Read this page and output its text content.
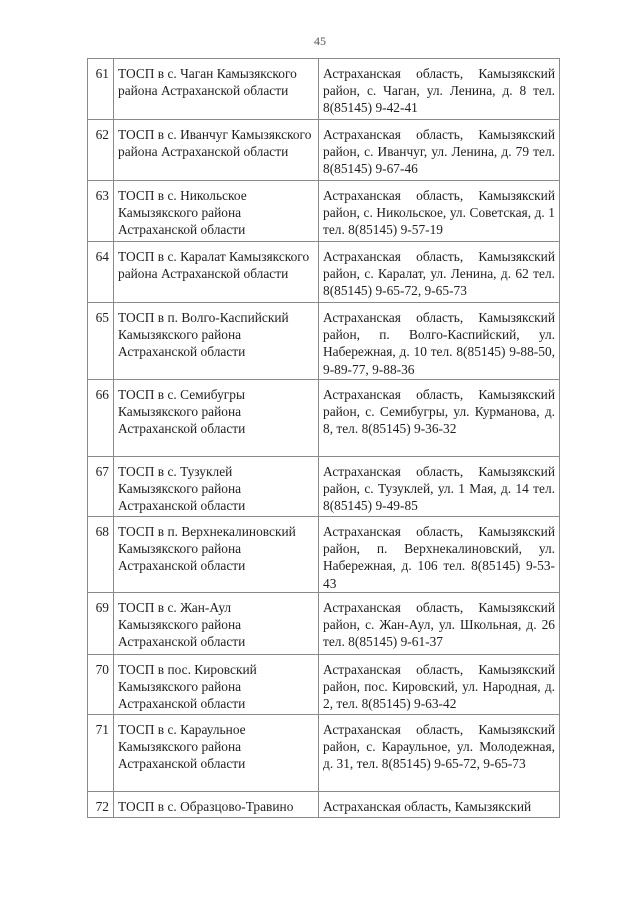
45
61	ТОСП в с. Чаган Камызякского района Астраханской области	Астраханская область, Камызякский район, с. Чаган, ул. Ленина, д. 8 тел. 8(85145) 9-42-41
62	ТОСП в с. Иванчуг Камызякского района Астраханской области	Астраханская область, Камызякский район, с. Иванчуг, ул. Ленина, д. 79 тел. 8(85145) 9-67-46
63	ТОСП в с. Никольское Камызякского района Астраханской области	Астраханская область, Камызякский район, с. Никольское, ул. Советская, д. 1 тел. 8(85145) 9-57-19
64	ТОСП в с. Каралат Камызякского района Астраханской области	Астраханская область, Камызякский район, с. Каралат, ул. Ленина, д. 62 тел. 8(85145) 9-65-72, 9-65-73
65	ТОСП в п. Волго-Каспийский Камызякского района Астраханской области	Астраханская область, Камызякский район, п. Волго-Каспийский, ул. Набережная, д. 10 тел. 8(85145) 9-88-50, 9-89-77, 9-88-36
66	ТОСП в с. Семибугры Камызякского района Астраханской области	Астраханская область, Камызякский район, с. Семибугры, ул. Курманова, д. 8, тел. 8(85145) 9-36-32
67	ТОСП в с. Тузуклей Камызякского района Астраханской области	Астраханская область, Камызякский район, с. Тузуклей, ул. 1 Мая, д. 14 тел. 8(85145) 9-49-85
68	ТОСП в п. Верхнекалиновский Камызякского района Астраханской области	Астраханская область, Камызякский район, п. Верхнекалиновский, ул. Набережная, д. 106 тел. 8(85145) 9-53-43
69	ТОСП в с. Жан-Аул Камызякского района Астраханской области	Астраханская область, Камызякский район, с. Жан-Аул, ул. Школьная, д. 26 тел. 8(85145) 9-61-37
70	ТОСП в пос. Кировский Камызякского района Астраханской области	Астраханская область, Камызякский район, пос. Кировский, ул. Народная, д. 2, тел. 8(85145) 9-63-42
71	ТОСП в с. Караульное Камызякского района Астраханской области	Астраханская область, Камызякский район, с. Караульное, ул. Молодежная, д. 31, тел. 8(85145) 9-65-72, 9-65-73
72	ТОСП в с. Образцово-Травино	Астраханская область, Камызякский
